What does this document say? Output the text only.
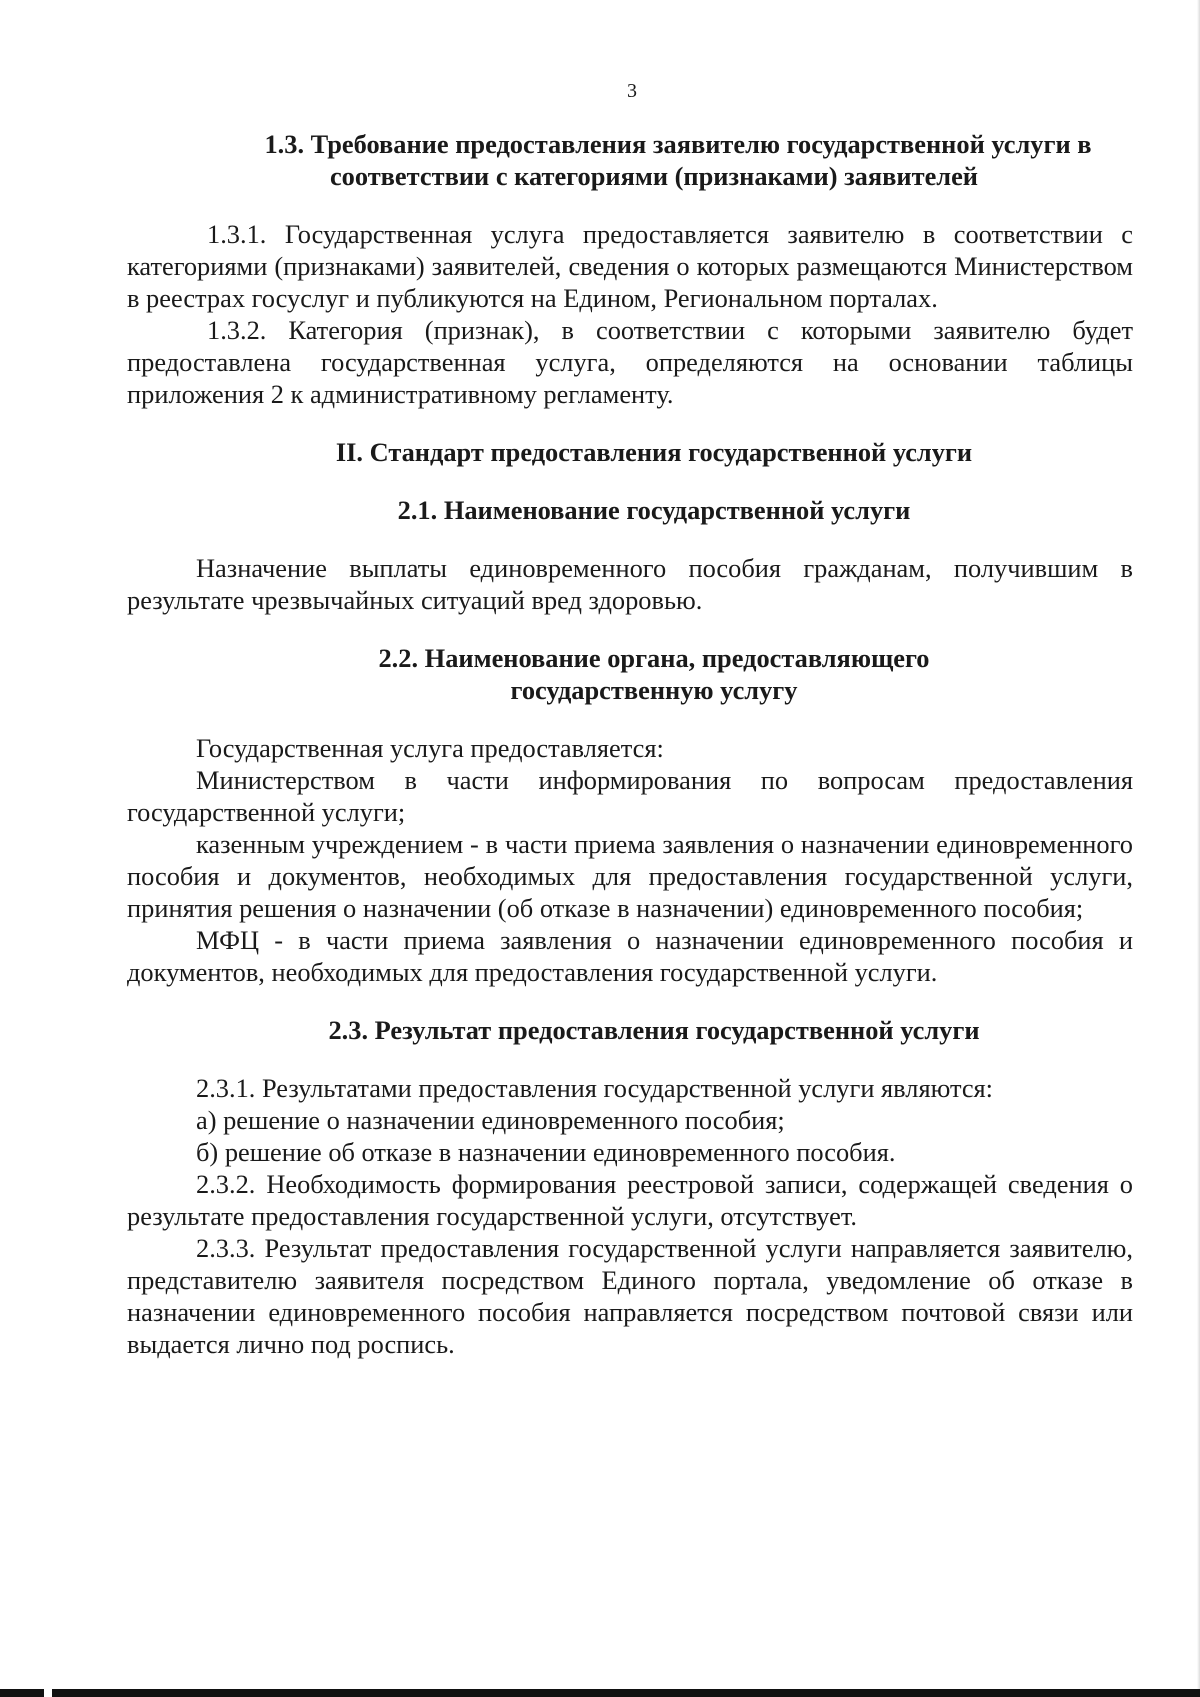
3

1.3. Требование предоставления заявителю государственной услуги в

соответствии с категориями (признаками) заявителей

1.3.1. Государственная услуга предоставляется заявителю в соответствии с категориями (признаками) заявителей, сведения о которых размещаются Министерством в реестрах госуслуг и публикуются на Едином, Региональном порталах.

1.3.2. Категория (признак), в соответствии с которыми заявителю будет предоставлена государственная услуга, определяются на основании таблицы приложения 2 к административному регламенту.

II. Стандарт предоставления государственной услуги

2.1. Наименование государственной услуги

Назначение выплаты единовременного пособия гражданам, получившим в результате чрезвычайных ситуаций вред здоровью.

2.2. Наименование органа, предоставляющего

государственную услугу

Государственная услуга предоставляется:

Министерством в части информирования по вопросам предоставления государственной услуги;

казенным учреждением - в части приема заявления о назначении единовременного пособия и документов, необходимых для предоставления государственной услуги, принятия решения о назначении (об отказе в назначении) единовременного пособия;

МФЦ - в части приема заявления о назначении единовременного пособия и документов, необходимых для предоставления государственной услуги.

2.3. Результат предоставления государственной услуги

2.3.1. Результатами предоставления государственной услуги являются:

а) решение о назначении единовременного пособия;

б) решение об отказе в назначении единовременного пособия.

2.3.2. Необходимость формирования реестровой записи, содержащей сведения о результате предоставления государственной услуги, отсутствует.

2.3.3. Результат предоставления государственной услуги направляется заявителю, представителю заявителя посредством Единого портала, уведомление об отказе в назначении единовременного пособия направляется посредством почтовой связи или выдается лично под роспись.
